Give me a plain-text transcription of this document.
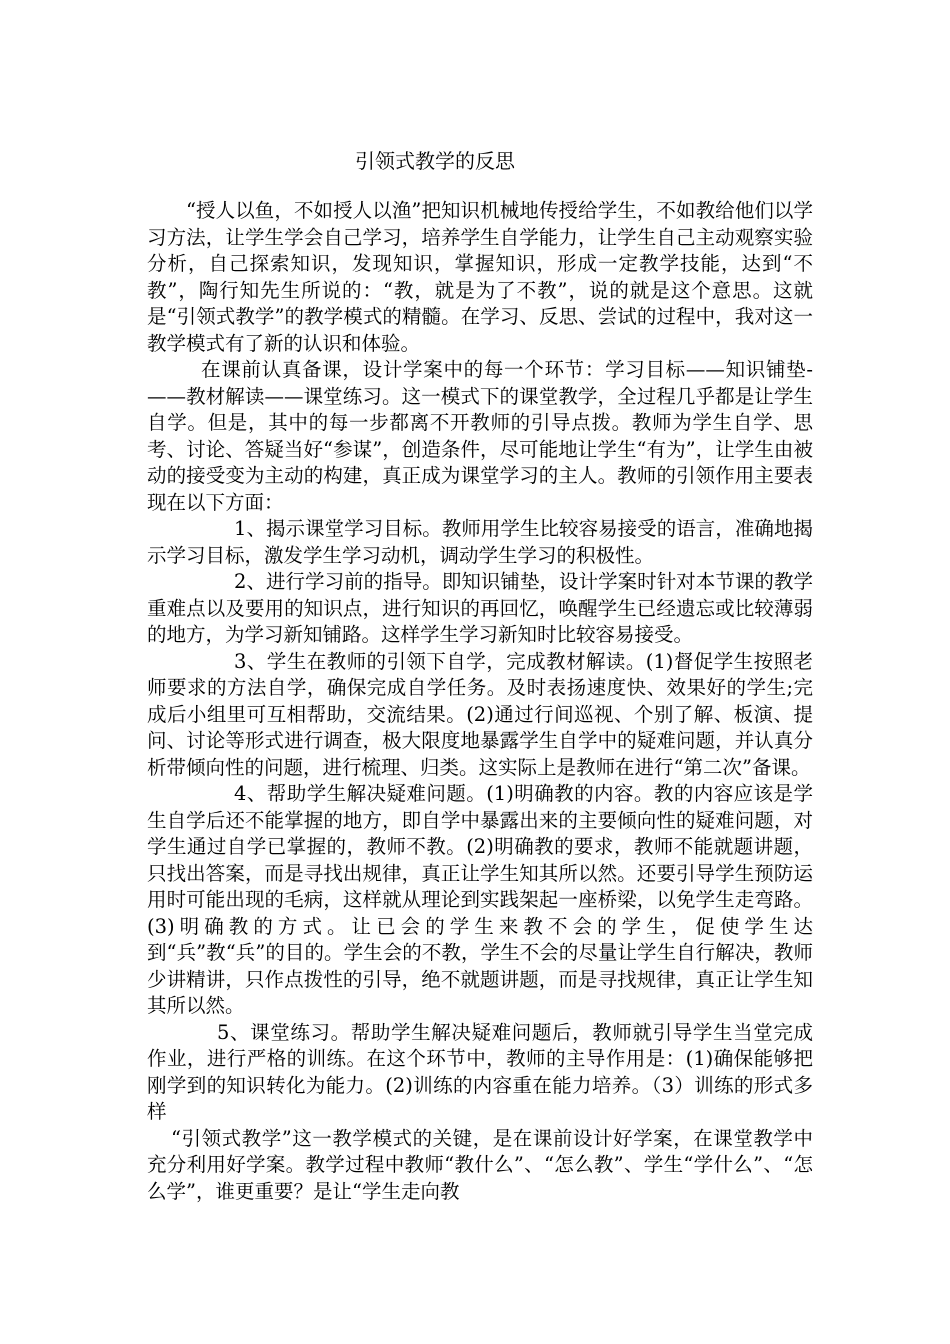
引领式教学的反思

“授人以鱼，不如授人以渔”把知识机械地传授给学生，不如教给他们以学习方法，让学生学会自己学习，培养学生自学能力，让学生自己主动观察实验分析，自己探索知识，发现知识，掌握知识，形成一定教学技能，达到“不教”，陶行知先生所说的：“教，就是为了不教”，说的就是这个意思。这就是“引领式教学”的教学模式的精髓。在学习、反思、尝试的过程中，我对这一教学模式有了新的认识和体验。

在课前认真备课，设计学案中的每一个环节：学习目标——知识铺垫-——教材解读——课堂练习。这一模式下的课堂教学，全过程几乎都是让学生自学。但是，其中的每一步都离不开教师的引导点拨。教师为学生自学、思考、讨论、答疑当好“参谋”，创造条件，尽可能地让学生“有为”，让学生由被动的接受变为主动的构建，真正成为课堂学习的主人。教师的引领作用主要表现在以下方面：

1、揭示课堂学习目标。教师用学生比较容易接受的语言，准确地揭示学习目标，激发学生学习动机，调动学生学习的积极性。

2、进行学习前的指导。即知识铺垫，设计学案时针对本节课的教学重难点以及要用的知识点，进行知识的再回忆，唤醒学生已经遗忘或比较薄弱的地方，为学习新知铺路。这样学生学习新知时比较容易接受。

3、学生在教师的引领下自学，完成教材解读。(1)督促学生按照老师要求的方法自学，确保完成自学任务。及时表扬速度快、效果好的学生;完成后小组里可互相帮助，交流结果。(2)通过行间巡视、个别了解、板演、提问、讨论等形式进行调查，极大限度地暴露学生自学中的疑难问题，并认真分析带倾向性的问题，进行梳理、归类。这实际上是教师在进行“第二次”备课。

4、帮助学生解决疑难问题。(1)明确教的内容。教的内容应该是学生自学后还不能掌握的地方，即自学中暴露出来的主要倾向性的疑难问题，对学生通过自学已掌握的，教师不教。(2)明确教的要求，教师不能就题讲题，只找出答案，而是寻找出规律，真正让学生知其所以然。还要引导学生预防运用时可能出现的毛病，这样就从理论到实践架起一座桥梁，以免学生走弯路。(3)明确教的方式。让已会的学生来教不会的学生，促使学生达到“兵”教“兵”的目的。学生会的不教，学生不会的尽量让学生自行解决，教师少讲精讲，只作点拨性的引导，绝不就题讲题，而是寻找规律，真正让学生知其所以然。

5、课堂练习。帮助学生解决疑难问题后，教师就引导学生当堂完成作业，进行严格的训练。在这个环节中，教师的主导作用是：(1)确保能够把刚学到的知识转化为能力。(2)训练的内容重在能力培养。（3）训练的形式多样

“引领式教学”这一教学模式的关键，是在课前设计好学案，在课堂教学中充分利用好学案。教学过程中教师“教什么”、“怎么教”、学生“学什么”、“怎么学”，谁更重要？是让“学生走向教
